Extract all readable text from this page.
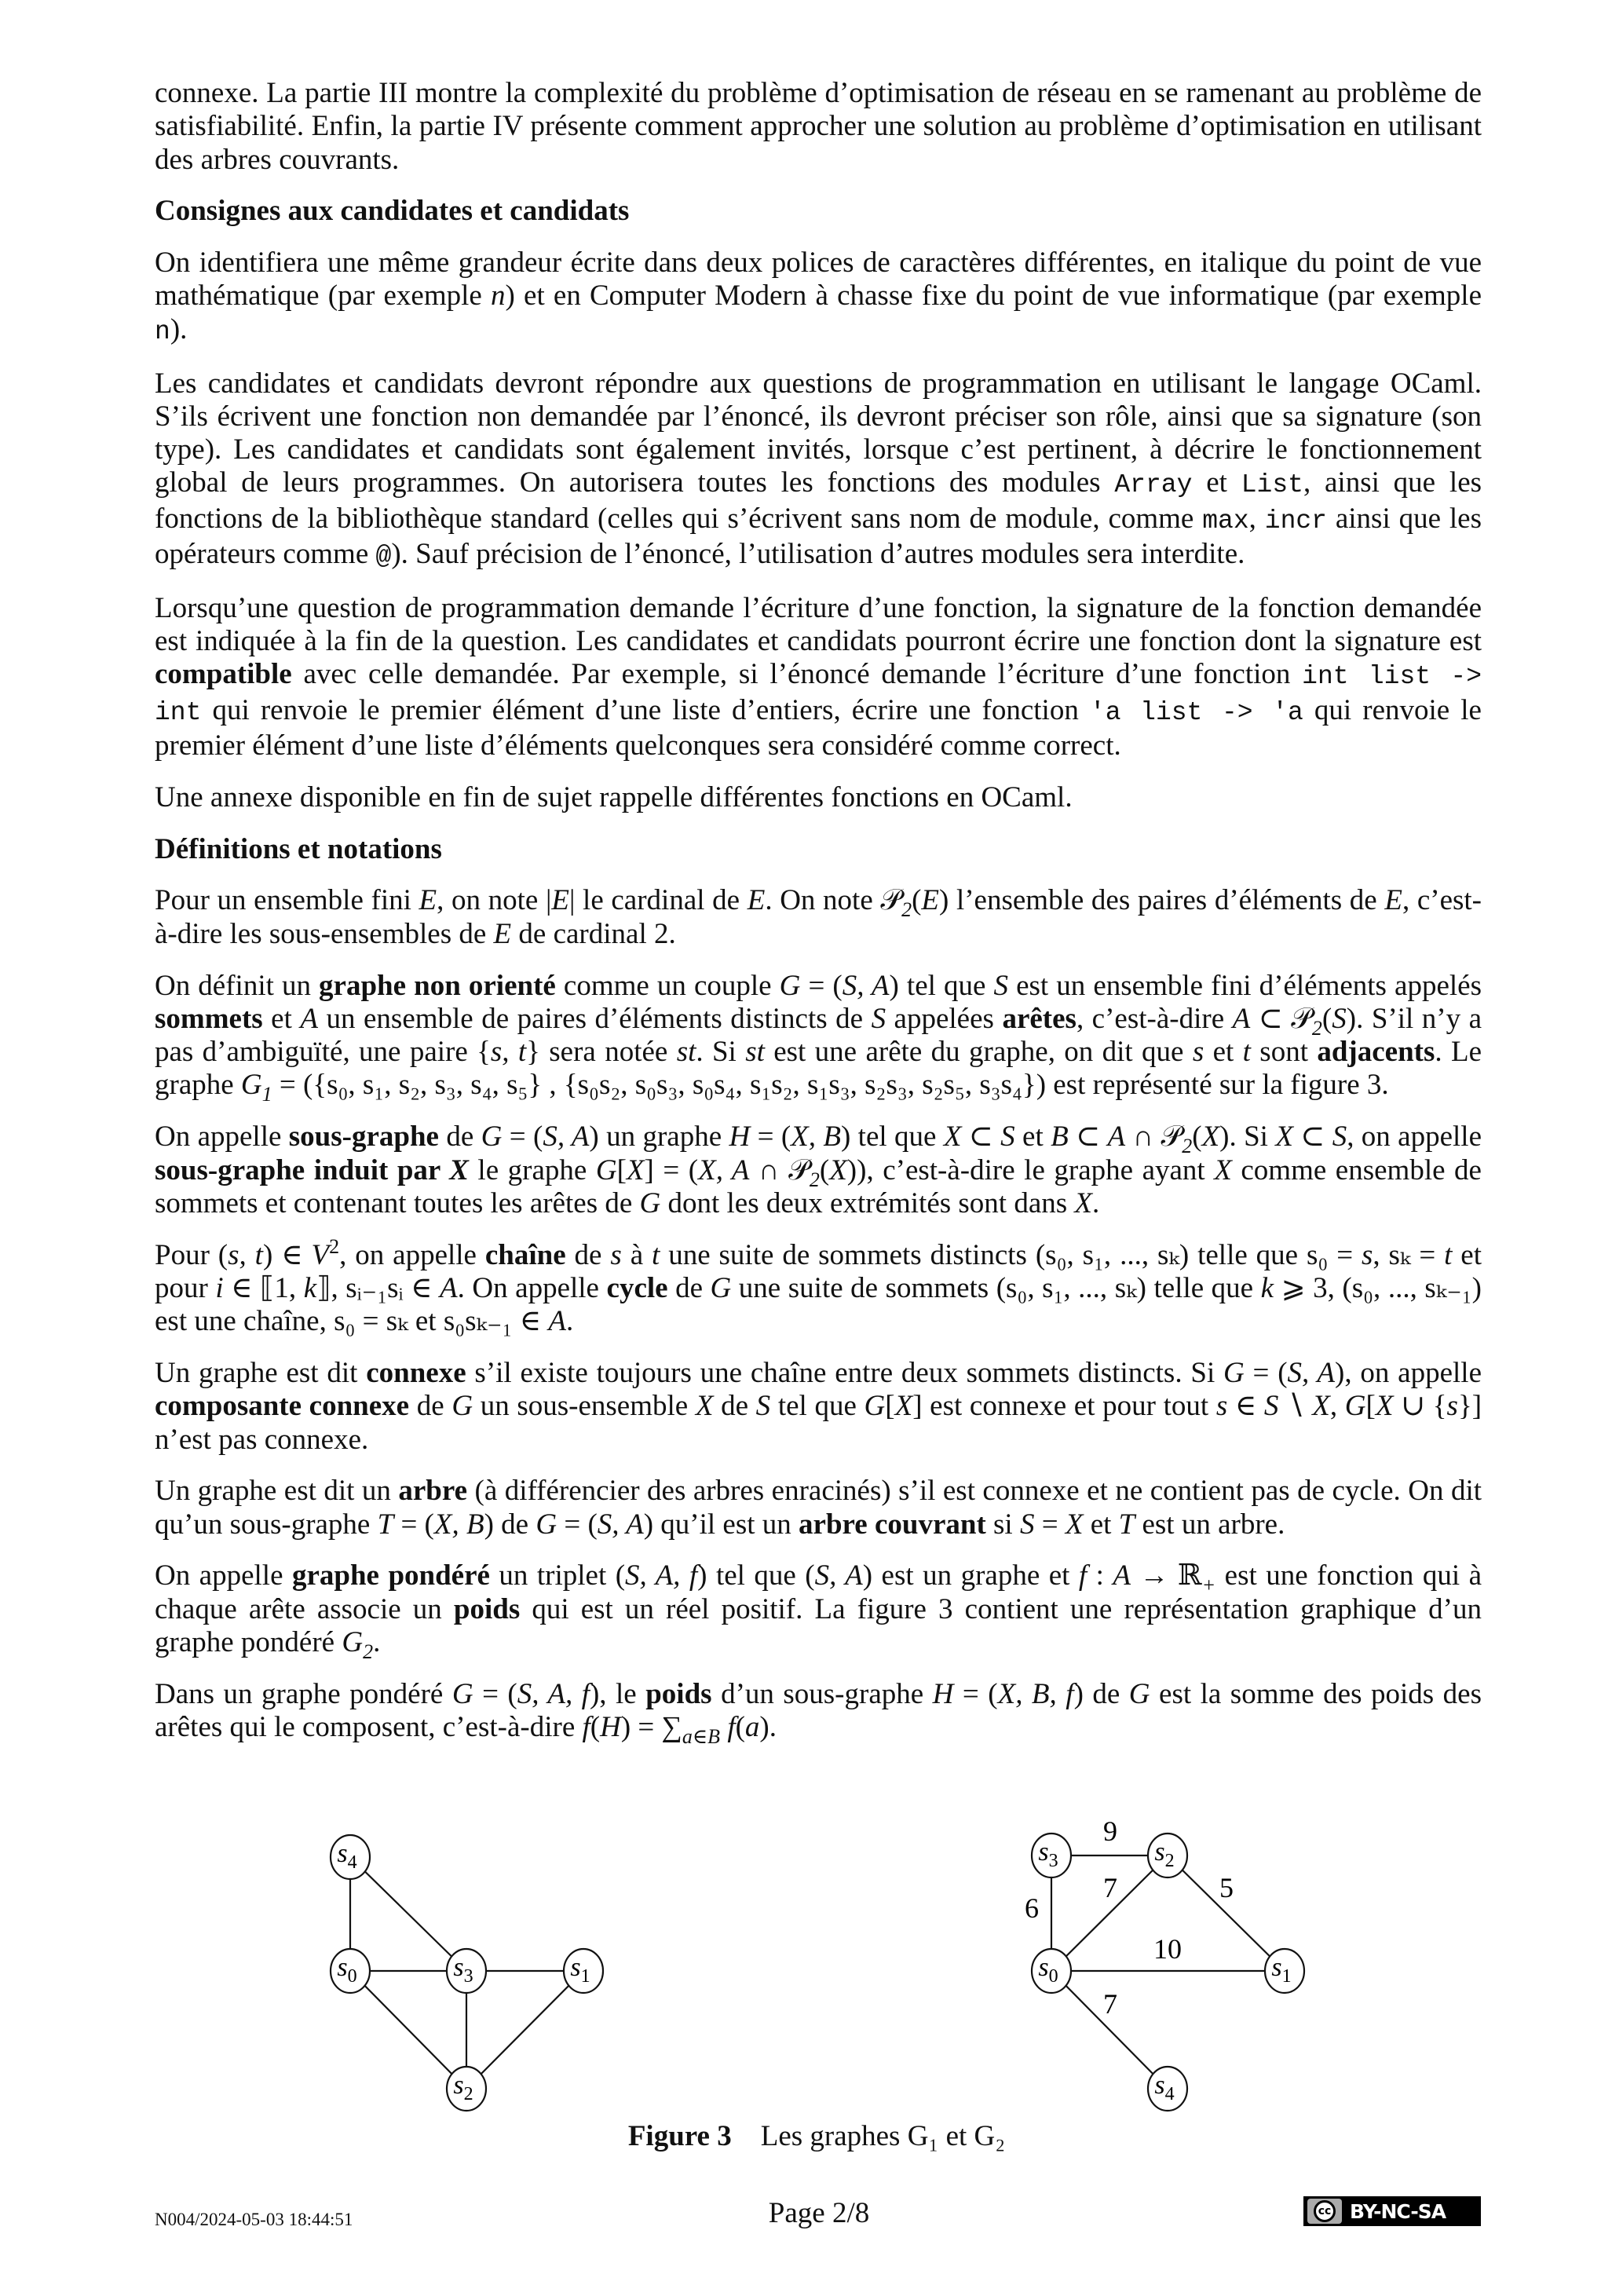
connexe. La partie III montre la complexité du problème d’optimisation de réseau en se ramenant au problème de satisfiabilité. Enfin, la partie IV présente comment approcher une solution au problème d’optimisation en utilisant des arbres couvrants.

Consignes aux candidates et candidats

On identifiera une même grandeur écrite dans deux polices de caractères différentes, en italique du point de vue mathématique (par exemple n) et en Computer Modern à chasse fixe du point de vue informatique (par exemple n).

Les candidates et candidats devront répondre aux questions de programmation en utilisant le langage OCaml. S’ils écrivent une fonction non demandée par l’énoncé, ils devront préciser son rôle, ainsi que sa signature (son type). Les candidates et candidats sont également invités, lorsque c’est pertinent, à décrire le fonctionnement global de leurs programmes. On autorisera toutes les fonctions des modules Array et List, ainsi que les fonctions de la bibliothèque standard (celles qui s’écrivent sans nom de module, comme max, incr ainsi que les opérateurs comme @). Sauf précision de l’énoncé, l’utilisation d’autres modules sera interdite.

Lorsqu’une question de programmation demande l’écriture d’une fonction, la signature de la fonction demandée est indiquée à la fin de la question. Les candidates et candidats pourront écrire une fonction dont la signature est compatible avec celle demandée. Par exemple, si l’énoncé demande l’écriture d’une fonction int list -> int qui renvoie le premier élément d’une liste d’entiers, écrire une fonction 'a list -> 'a qui renvoie le premier élément d’une liste d’éléments quelconques sera considéré comme correct.

Une annexe disponible en fin de sujet rappelle différentes fonctions en OCaml.

Définitions et notations

Pour un ensemble fini E, on note |E| le cardinal de E. On note 𝒫$_2$(E) l’ensemble des paires d’éléments de E, c’est-à-dire les sous-ensembles de E de cardinal 2.

On définit un graphe non orienté comme un couple G = (S, A) tel que S est un ensemble fini d’éléments appelés sommets et A un ensemble de paires d’éléments distincts de S appelées arêtes, c’est-à-dire A ⊂ 𝒫$_2$(S). S’il n’y a pas d’ambiguïté, une paire {s, t} sera notée st. Si st est une arête du graphe, on dit que s et t sont adjacents. Le graphe $G_1 = (\{s_0$, s₁, s₂, s₃, s₄, s₅} , {s₀s₂, s₀s₃, s₀s₄, s₁s₂, s₁s₃, s₂s₃, s₂s₅, s₃s₄}) est représenté sur la figure 3.

On appelle sous-graphe de G = (S, A) un graphe H = (X, B) tel que X ⊂ S et B ⊂ A ∩ 𝒫$_2$(X). Si X ⊂ S, on appelle sous-graphe induit par X le graphe G[X] = (X, A ∩ 𝒫$_2$(X)), c’est-à-dire le graphe ayant X comme ensemble de sommets et contenant toutes les arêtes de G dont les deux extrémités sont dans X.

Pour (s, t) ∈ $V^2$, on appelle chaîne de s à t une suite de sommets distincts (s₀, s₁, ..., sₖ) telle que s₀ = s, sₖ = t et pour i ∈ ⟦1, k⟧, sᵢ₋₁sᵢ ∈ A. On appelle cycle de G une suite de sommets (s₀, s₁, ..., sₖ) telle que k ⩾ 3, (s₀, ..., sₖ₋₁) est une chaîne, s₀ = sₖ et s₀sₖ₋₁ ∈ A.

Un graphe est dit connexe s’il existe toujours une chaîne entre deux sommets distincts. Si G = (S, A), on appelle composante connexe de G un sous-ensemble X de S tel que G[X] est connexe et pour tout s ∈ S ∖ X, G[X ∪ {s}] n’est pas connexe.

Un graphe est dit un arbre (à différencier des arbres enracinés) s’il est connexe et ne contient pas de cycle. On dit qu’un sous-graphe T = (X, B) de G = (S, A) qu’il est un arbre couvrant si S = X et T est un arbre.

On appelle graphe pondéré un triplet (S, A, f) tel que (S, A) est un graphe et f : A → ℝ$_+$ est une fonction qui à chaque arête associe un poids qui est un réel positif. La figure 3 contient une représentation graphique d’un graphe pondéré $G_2$.

Dans un graphe pondéré G = (S, A, f), le poids d’un sous-graphe H = (X, B, f) de G est la somme des poids des arêtes qui le composent, c’est-à-dire $f(H) = \sum_{a\in B}$ f(a).

9
6
7	5
10
7
$s_4$
$s_0$	$s_3$	$s_1$
$s_2$
$s_3$	$s_2$
$s_0$	$s_1$
$s_4$
Figure 3 Les graphes G₁ et G₂
N004/2024-05-03 18:44:51	Page 2/8	cc BY-NC-SA
